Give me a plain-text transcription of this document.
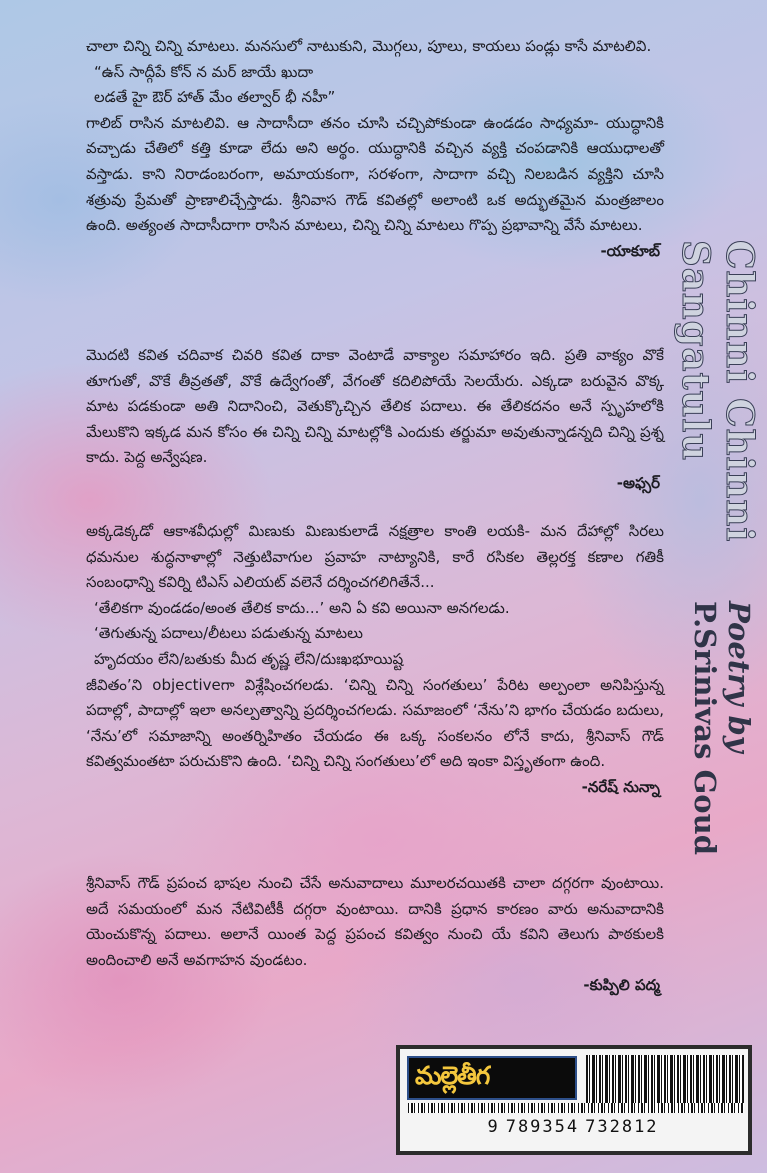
చాలా చిన్ని చిన్ని మాటలు. మనసులో నాటుకుని, మొగ్గలు, పూలు, కాయలు పండ్లు కాసే మాటలివి.

“ఉస్ సాద్గీపే కోన్ న మర్ జాయే ఖుదా

లడతే హై ఔర్ హాత్ మేం తల్వార్ భీ నహీ”

గాలిబ్ రాసిన మాటలివి. ఆ సాదాసీదా తనం చూసి చచ్చిపోకుండా ఉండడం సాధ్యమా- యుద్ధానికి వచ్చాడు చేతిలో కత్తి కూడా లేదు అని అర్థం. యుద్ధానికి వచ్చిన వ్యక్తి చంపడానికి ఆయుధాలతో వస్తాడు. కాని నిరాడంబరంగా, అమాయకంగా, సరళంగా, సాదాగా వచ్చి నిలబడిన వ్యక్తిని చూసి శత్రువు ప్రేమతో ప్రాణాలిచ్చేస్తాడు. శ్రీనివాస గౌడ్ కవితల్లో అలాంటి ఒక అద్భుతమైన మంత్రజాలం ఉంది. అత్యంత సాదాసీదాగా రాసిన మాటలు, చిన్ని చిన్ని మాటలు గొప్ప ప్రభావాన్ని వేసే మాటలు.

-యాకూబ్

మొదటి కవిత చదివాక చివరి కవిత దాకా వెంటాడే వాక్యాల సమాహారం ఇది. ప్రతి వాక్యం వొకే తూగుతో, వొకే తీవ్రతతో, వొకే ఉద్వేగంతో, వేగంతో కదిలిపోయే సెలయేరు. ఎక్కడా బరువైన వొక్క మాట పడకుండా అతి నిదానించి, వెతుక్కొచ్చిన తేలిక పదాలు. ఈ తేలికదనం అనే స్పృహలోకి మేలుకొని ఇక్కడ మన కోసం ఈ చిన్ని చిన్ని మాటల్లోకి ఎందుకు తర్జుమా అవుతున్నాడన్నది చిన్ని ప్రశ్న కాదు. పెద్ద అన్వేషణ.

-అఫ్సర్

అక్కడెక్కడో ఆకాశవీధుల్లో మిణుకు మిణుకులాడే నక్షత్రాల కాంతి లయకి- మన దేహాల్లో సిరలు ధమనుల శుద్ధనాళాల్లో నెత్తుటివాగుల ప్రవాహ నాట్యానికి, కారే రసికల తెల్లరక్త కణాల గతికీ సంబంధాన్ని కవిర్ని టిఎస్ ఎలియట్ వలెనే దర్శించగలిగితేనే...

‘తేలికగా వుండడం/అంత తేలిక కాదు...’ అని ఏ కవి అయినా అనగలడు.

‘తెగుతున్న పదాలు/లీటలు పడుతున్న మాటలు

హృదయం లేని/బతుకు మీద తృష్ణ లేని/దుఃఖభూయిష్ట

జీవితం’ని objectiveగా విశ్లేషించగలడు. ‘చిన్ని చిన్ని సంగతులు’ పేరిట అల్పంలా అనిపిస్తున్న పదాల్లో, పాదాల్లో ఇలా అనల్పత్వాన్ని ప్రదర్శించగలడు. సమాజంలో ‘నేను’ని భాగం చేయడం బదులు, ‘నేను’లో సమాజాన్ని అంతర్నిహితం చేయడం ఈ ఒక్క సంకలనం లోనే కాదు, శ్రీనివాస్ గౌడ్ కవిత్వమంతటా పరుచుకొని ఉంది. ‘చిన్ని చిన్ని సంగతులు’లో అది ఇంకా విస్తృతంగా ఉంది.

-నరేష్ నున్నా

శ్రీనివాస్ గౌడ్ ప్రపంచ భాషల నుంచి చేసే అనువాదాలు మూలరచయితకి చాలా దగ్గరగా వుంటాయి. అదే సమయంలో మన నేటివిటీకీ దగ్గరా వుంటాయి. దానికి ప్రధాన కారణం వారు అనువాదానికి యెంచుకొన్న పదాలు. అలానే యింత పెద్ద ప్రపంచ కవిత్వం నుంచి యే కవిని తెలుగు పాఠకులకి అందించాలి అనే అవగాహన వుండటం.

-కుప్పిలి పద్మ

Chinni Chinni Sangatulu
Poetry by P.Srinivas Goud
మల్లెతీగ
9 789354 732812
